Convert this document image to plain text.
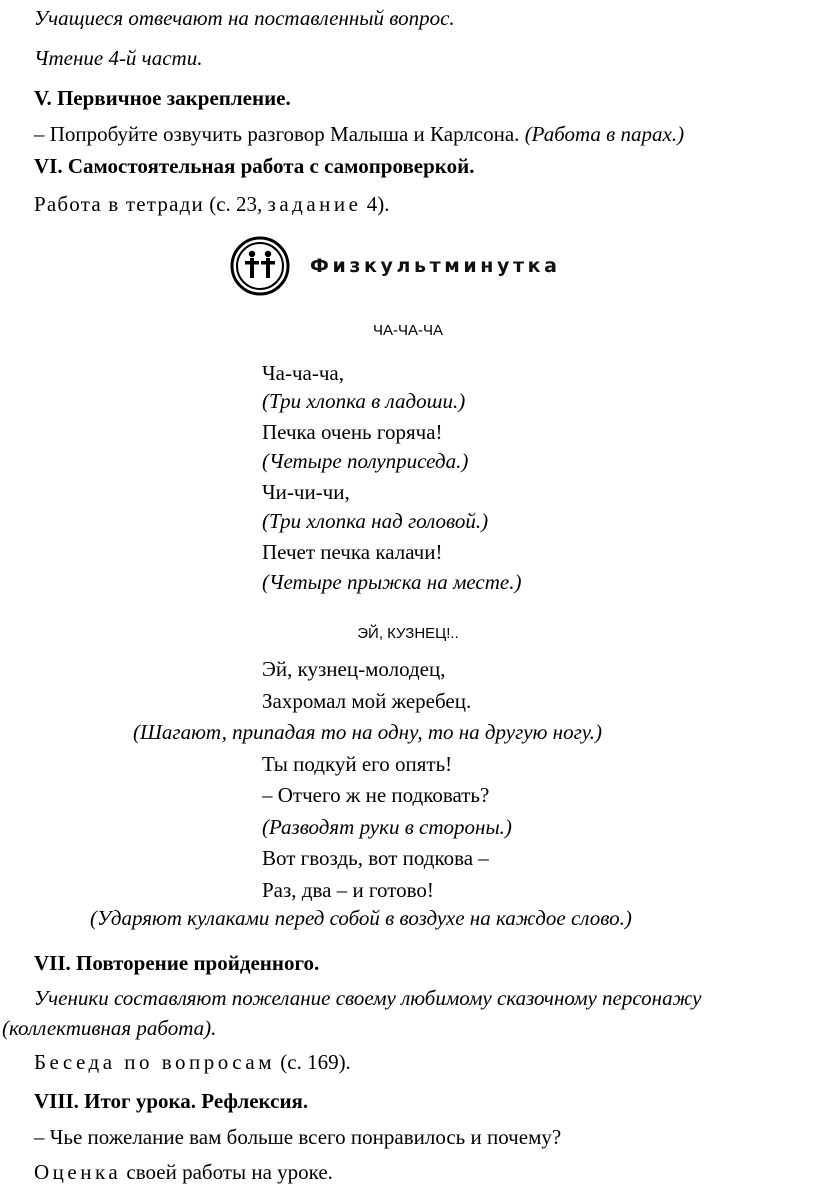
Учащиеся отвечают на поставленный вопрос.
Чтение 4-й части.
V. Первичное закрепление.
– Попробуйте озвучить разговор Малыша и Карлсона. (Работа в парах.)
VI. Самостоятельная работа с самопроверкой.
Работа в тетради (с. 23, задание 4).
Физкультминутка
ЧА-ЧА-ЧА
Ча-ча-ча,
(Три хлопка в ладоши.)
Печка очень горяча!
(Четыре полуприседа.)
Чи-чи-чи,
(Три хлопка над головой.)
Печет печка калачи!
(Четыре прыжка на месте.)
ЭЙ, КУЗНЕЦ!..
Эй, кузнец-молодец,
Захромал мой жеребец.
(Шагают, припадая то на одну, то на другую ногу.)
Ты подкуй его опять!
– Отчего ж не подковать?
(Разводят руки в стороны.)
Вот гвоздь, вот подкова –
Раз, два – и готово!
(Ударяют кулаками перед собой в воздухе на каждое слово.)
VII. Повторение пройденного.
Ученики составляют пожелание своему любимому сказочному персонажу
(коллективная работа).
Беседа по вопросам (с. 169).
VIII. Итог урока. Рефлексия.
– Чье пожелание вам больше всего понравилось и почему?
Оценка своей работы на уроке.
